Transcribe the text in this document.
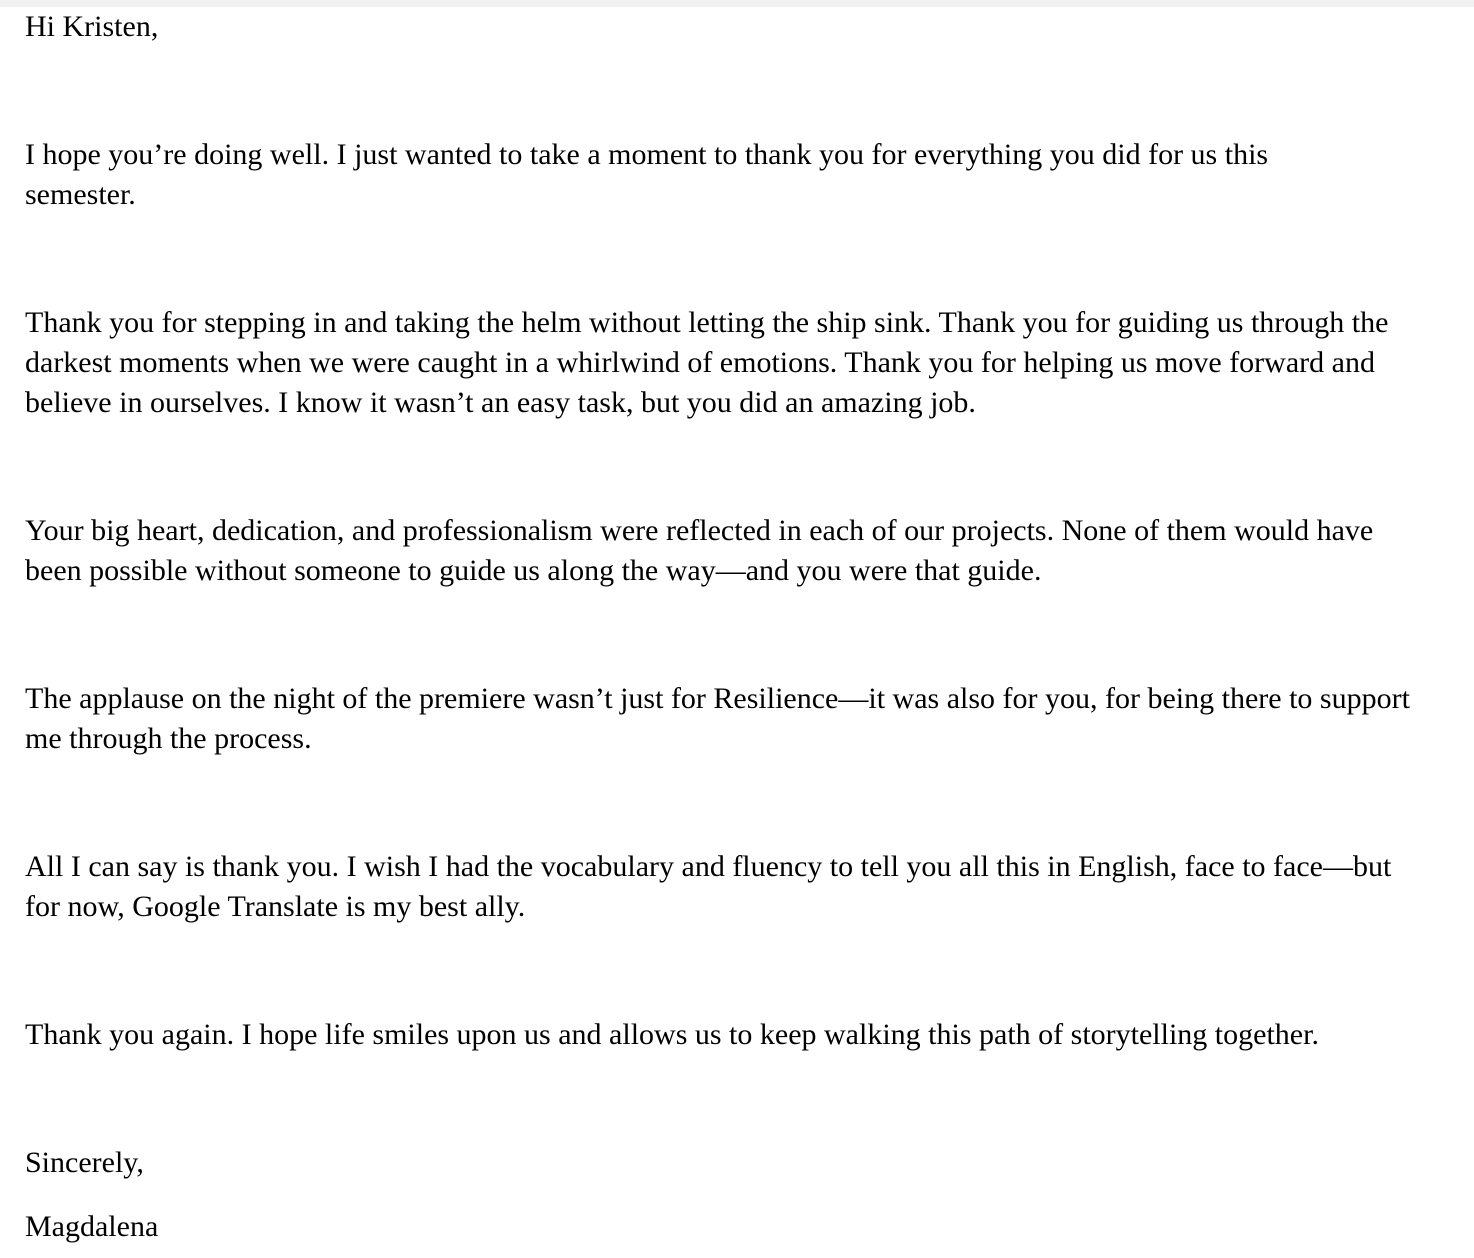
Hi Kristen,

I hope you’re doing well. I just wanted to take a moment to thank you for everything you did for us this semester.

Thank you for stepping in and taking the helm without letting the ship sink. Thank you for guiding us through the darkest moments when we were caught in a whirlwind of emotions. Thank you for helping us move forward and believe in ourselves. I know it wasn’t an easy task, but you did an amazing job.

Your big heart, dedication, and professionalism were reflected in each of our projects. None of them would have been possible without someone to guide us along the way—and you were that guide.

The applause on the night of the premiere wasn’t just for Resilience—it was also for you, for being there to support me through the process.

All I can say is thank you. I wish I had the vocabulary and fluency to tell you all this in English, face to face—but for now, Google Translate is my best ally.

Thank you again. I hope life smiles upon us and allows us to keep walking this path of storytelling together.

Sincerely,

Magdalena
